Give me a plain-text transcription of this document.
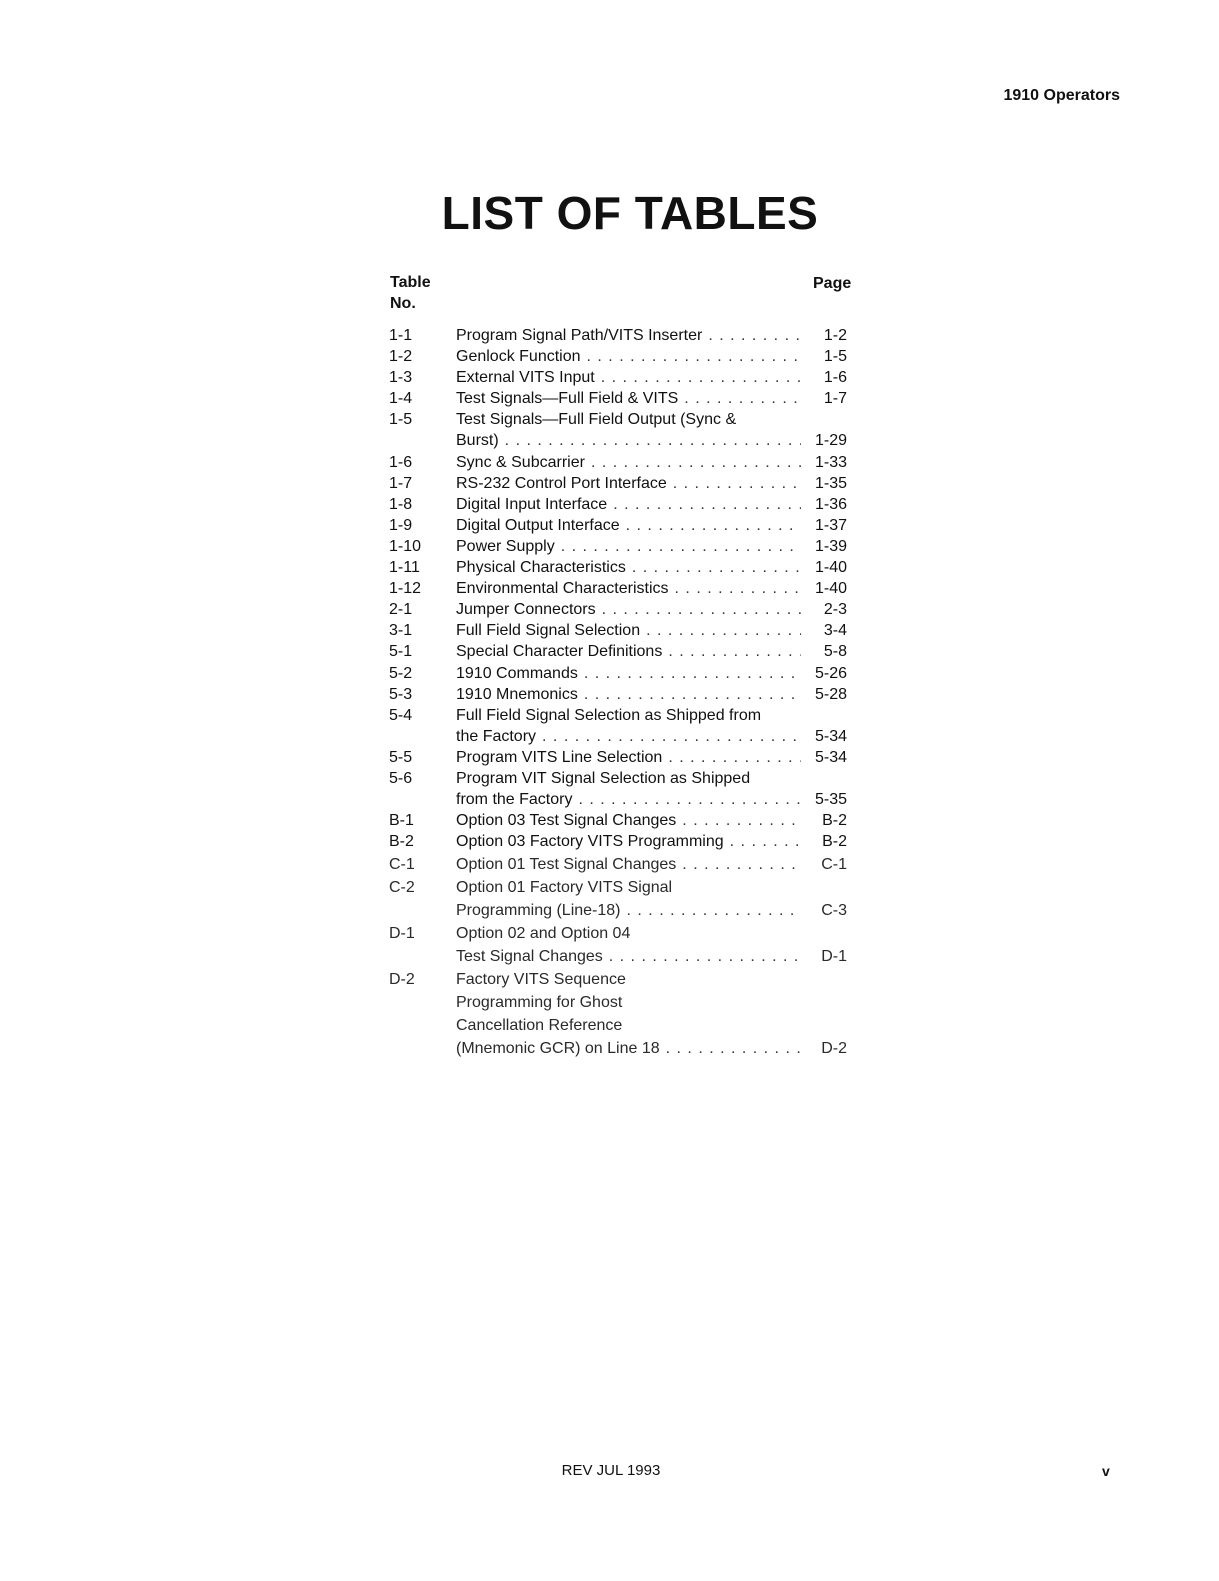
1910 Operators
LIST OF TABLES
Table
No.
Page
1-1	Program Signal Path/VITS Inserter . . .	1-2
1-2	Genlock Function . . .	1-5
1-3	External VITS Input . . .	1-6
1-4	Test Signals—Full Field & VITS . . .	1-7
1-5	Test Signals—Full Field Output (Sync &
Burst) . . .	1-29
1-6	Sync & Subcarrier . . .	1-33
1-7	RS-232 Control Port Interface . . .	1-35
1-8	Digital Input Interface . . .	1-36
1-9	Digital Output Interface . . .	1-37
1-10	Power Supply . . .	1-39
1-11	Physical Characteristics . . .	1-40
1-12	Environmental Characteristics . . .	1-40
2-1	Jumper Connectors . . .	2-3
3-1	Full Field Signal Selection . . .	3-4
5-1	Special Character Definitions . . .	5-8
5-2	1910 Commands . . .	5-26
5-3	1910 Mnemonics . . .	5-28
5-4	Full Field Signal Selection as Shipped from
the Factory . . .	5-34
5-5	Program VITS Line Selection . . .	5-34
5-6	Program VIT Signal Selection as Shipped
from the Factory . . .	5-35
B-1	Option 03 Test Signal Changes . . .	B-2
B-2	Option 03 Factory VITS Programming . . .	B-2
C-1	Option 01 Test Signal Changes . . .	C-1
C-2	Option 01 Factory VITS Signal
Programming (Line-18) . . .	C-3
D-1	Option 02 and Option 04
Test Signal Changes . . .	D-1
D-2	Factory VITS Sequence
Programming for Ghost
Cancellation Reference
(Mnemonic GCR) on Line 18 . . .	D-2
REV JUL 1993	v
